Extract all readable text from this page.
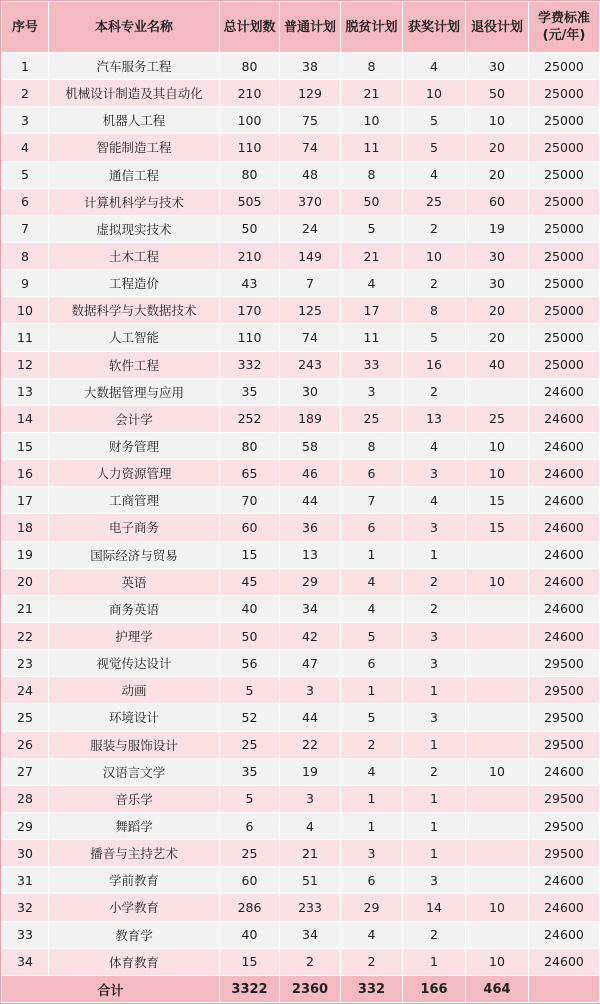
序号	本科专业名称	总计划数	普通计划	脱贫计划	获奖计划	退役计划	学费标准
(元/年)
1	汽车服务工程	80	38	8	4	30	25000
2	机械设计制造及其自动化	210	129	21	10	50	25000
3	机器人工程	100	75	10	5	10	25000
4	智能制造工程	110	74	11	5	20	25000
5	通信工程	80	48	8	4	20	25000
6	计算机科学与技术	505	370	50	25	60	25000
7	虚拟现实技术	50	24	5	2	19	25000
8	土木工程	210	149	21	10	30	25000
9	工程造价	43	7	4	2	30	25000
10	数据科学与大数据技术	170	125	17	8	20	25000
11	人工智能	110	74	11	5	20	25000
12	软件工程	332	243	33	16	40	25000
13	大数据管理与应用	35	30	3	2		24600
14	会计学	252	189	25	13	25	24600
15	财务管理	80	58	8	4	10	24600
16	人力资源管理	65	46	6	3	10	24600
17	工商管理	70	44	7	4	15	24600
18	电子商务	60	36	6	3	15	24600
19	国际经济与贸易	15	13	1	1		24600
20	英语	45	29	4	2	10	24600
21	商务英语	40	34	4	2		24600
22	护理学	50	42	5	3		24600
23	视觉传达设计	56	47	6	3		29500
24	动画	5	3	1	1		29500
25	环境设计	52	44	5	3		29500
26	服装与服饰设计	25	22	2	1		29500
27	汉语言文学	35	19	4	2	10	24600
28	音乐学	5	3	1	1		29500
29	舞蹈学	6	4	1	1		29500
30	播音与主持艺术	25	21	3	1		29500
31	学前教育	60	51	6	3		24600
32	小学教育	286	233	29	14	10	24600
33	教育学	40	34	4	2		24600
34	体育教育	15	2	2	1	10	24600
合计		3322	2360	332	166	464	
